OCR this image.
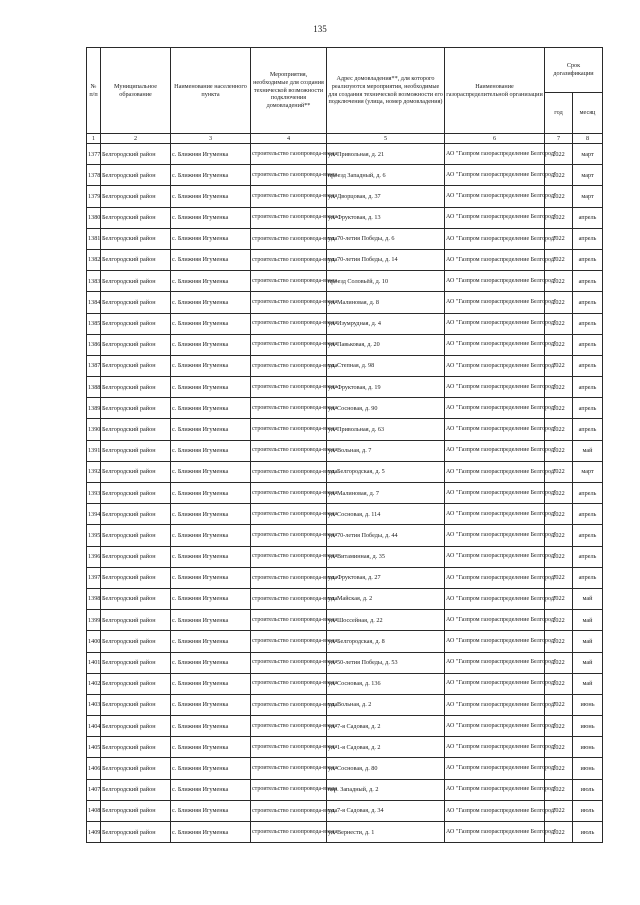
135
№ п/п	Муниципальное образование	Наименование населенного пункта	Мероприятия, необходимые для создания технической возможности подключения домовладений**	Адрес домовладения**, для которого реализуются мероприятия, необходимые для создания технической возможности его подключения (улица, номер домовладения)	Наименование газораспределительной организации	Срок догазификации	
						год	месяц
1	2	3	4	5	6	7	8
1377	Белгородский район	с. Ближняя Игуменка	строительство газопровода-ввода	ул. Привольная, д. 21	АО "Газпром газораспределение Белгород"	2022	март
1378	Белгородский район	с. Ближняя Игуменка	строительство газопровода-ввода	проезд Западный, д. 6	АО "Газпром газораспределение Белгород"	2022	март
1379	Белгородский район	с. Ближняя Игуменка	строительство газопровода-ввода	ул. Дворцовая, д. 37	АО "Газпром газораспределение Белгород"	2022	март
1380	Белгородский район	с. Ближняя Игуменка	строительство газопровода-ввода	ул. Фруктовая, д. 13	АО "Газпром газораспределение Белгород"	2022	апрель
1381	Белгородский район	с. Ближняя Игуменка	строительство газопровода-ввода	ул. 70-летия Победы, д. 6	АО "Газпром газораспределение Белгород"	2022	апрель
1382	Белгородский район	с. Ближняя Игуменка	строительство газопровода-ввода	ул. 70-летия Победы, д. 14	АО "Газпром газораспределение Белгород"	2022	апрель
1383	Белгородский район	с. Ближняя Игуменка	строительство газопровода-ввода	проезд Соловьёй, д. 10	АО "Газпром газораспределение Белгород"	2022	апрель
1384	Белгородский район	с. Ближняя Игуменка	строительство газопровода-ввода	ул. Малиновая, д. 8	АО "Газпром газораспределение Белгород"	2022	апрель
1385	Белгородский район	с. Ближняя Игуменка	строительство газопровода-ввода	ул. Изумрудная, д. 4	АО "Газпром газораспределение Белгород"	2022	апрель
1386	Белгородский район	с. Ближняя Игуменка	строительство газопровода-ввода	ул. Павьковая, д. 20	АО "Газпром газораспределение Белгород"	2022	апрель
1387	Белгородский район	с. Ближняя Игуменка	строительство газопровода-ввода	ул. Степная, д. 98	АО "Газпром газораспределение Белгород"	2022	апрель
1388	Белгородский район	с. Ближняя Игуменка	строительство газопровода-ввода	ул. Фруктовая, д. 19	АО "Газпром газораспределение Белгород"	2022	апрель
1389	Белгородский район	с. Ближняя Игуменка	строительство газопровода-ввода	ул. Сосновая, д. 90	АО "Газпром газораспределение Белгород"	2022	апрель
1390	Белгородский район	с. Ближняя Игуменка	строительство газопровода-ввода	ул. Привольная, д. 63	АО "Газпром газораспределение Белгород"	2022	апрель
1391	Белгородский район	с. Ближняя Игуменка	строительство газопровода-ввода	ул. Вольная, д. 7	АО "Газпром газораспределение Белгород"	2022	май
1392	Белгородский район	с. Ближняя Игуменка	строительство газопровода-ввода	ул. Белгородская, д. 5	АО "Газпром газораспределение Белгород"	2022	март
1393	Белгородский район	с. Ближняя Игуменка	строительство газопровода-ввода	ул. Малиновая, д. 7	АО "Газпром газораспределение Белгород"	2022	апрель
1394	Белгородский район	с. Ближняя Игуменка	строительство газопровода-ввода	ул. Сосновая, д. 114	АО "Газпром газораспределение Белгород"	2022	апрель
1395	Белгородский район	с. Ближняя Игуменка	строительство газопровода-ввода	ул. 70-летия Победы, д. 44	АО "Газпром газораспределение Белгород"	2022	апрель
1396	Белгородский район	с. Ближняя Игуменка	строительство газопровода-ввода	ул. Витаминная, д. 35	АО "Газпром газораспределение Белгород"	2022	апрель
1397	Белгородский район	с. Ближняя Игуменка	строительство газопровода-ввода	ул. Фруктовая, д. 27	АО "Газпром газораспределение Белгород"	2022	апрель
1398	Белгородский район	с. Ближняя Игуменка	строительство газопровода-ввода	ул. Майская, д. 2	АО "Газпром газораспределение Белгород"	2022	май
1399	Белгородский район	с. Ближняя Игуменка	строительство газопровода-ввода	ул. Шоссейная, д. 22	АО "Газпром газораспределение Белгород"	2022	май
1400	Белгородский район	с. Ближняя Игуменка	строительство газопровода-ввода	ул. Белгородская, д. 8	АО "Газпром газораспределение Белгород"	2022	май
1401	Белгородский район	с. Ближняя Игуменка	строительство газопровода-ввода	ул. 50-летия Победы, д. 53	АО "Газпром газораспределение Белгород"	2022	май
1402	Белгородский район	с. Ближняя Игуменка	строительство газопровода-ввода	ул. Сосновая, д. 136	АО "Газпром газораспределение Белгород"	2022	май
1403	Белгородский район	с. Ближняя Игуменка	строительство газопровода-ввода	ул. Вольная, д. 2	АО "Газпром газораспределение Белгород"	2022	июнь
1404	Белгородский район	с. Ближняя Игуменка	строительство газопровода-ввода	ул. 7-я Садовая, д. 2	АО "Газпром газораспределение Белгород"	2022	июнь
1405	Белгородский район	с. Ближняя Игуменка	строительство газопровода-ввода	ул. 1-я Садовая, д. 2	АО "Газпром газораспределение Белгород"	2022	июнь
1406	Белгородский район	с. Ближняя Игуменка	строительство газопровода-ввода	ул. Сосновая, д. 80	АО "Газпром газораспределение Белгород"	2022	июнь
1407	Белгородский район	с. Ближняя Игуменка	строительство газопровода-ввода	пер. Западный, д. 2	АО "Газпром газораспределение Белгород"	2022	июль
1408	Белгородский район	с. Ближняя Игуменка	строительство газопровода-ввода	ул. 7-я Садовая, д. 34	АО "Газпром газораспределение Белгород"	2022	июль
1409	Белгородский район	с. Ближняя Игуменка	строительство газопровода-ввода	ул. Вернести, д. 1	АО "Газпром газораспределение Белгород"	2022	июль
